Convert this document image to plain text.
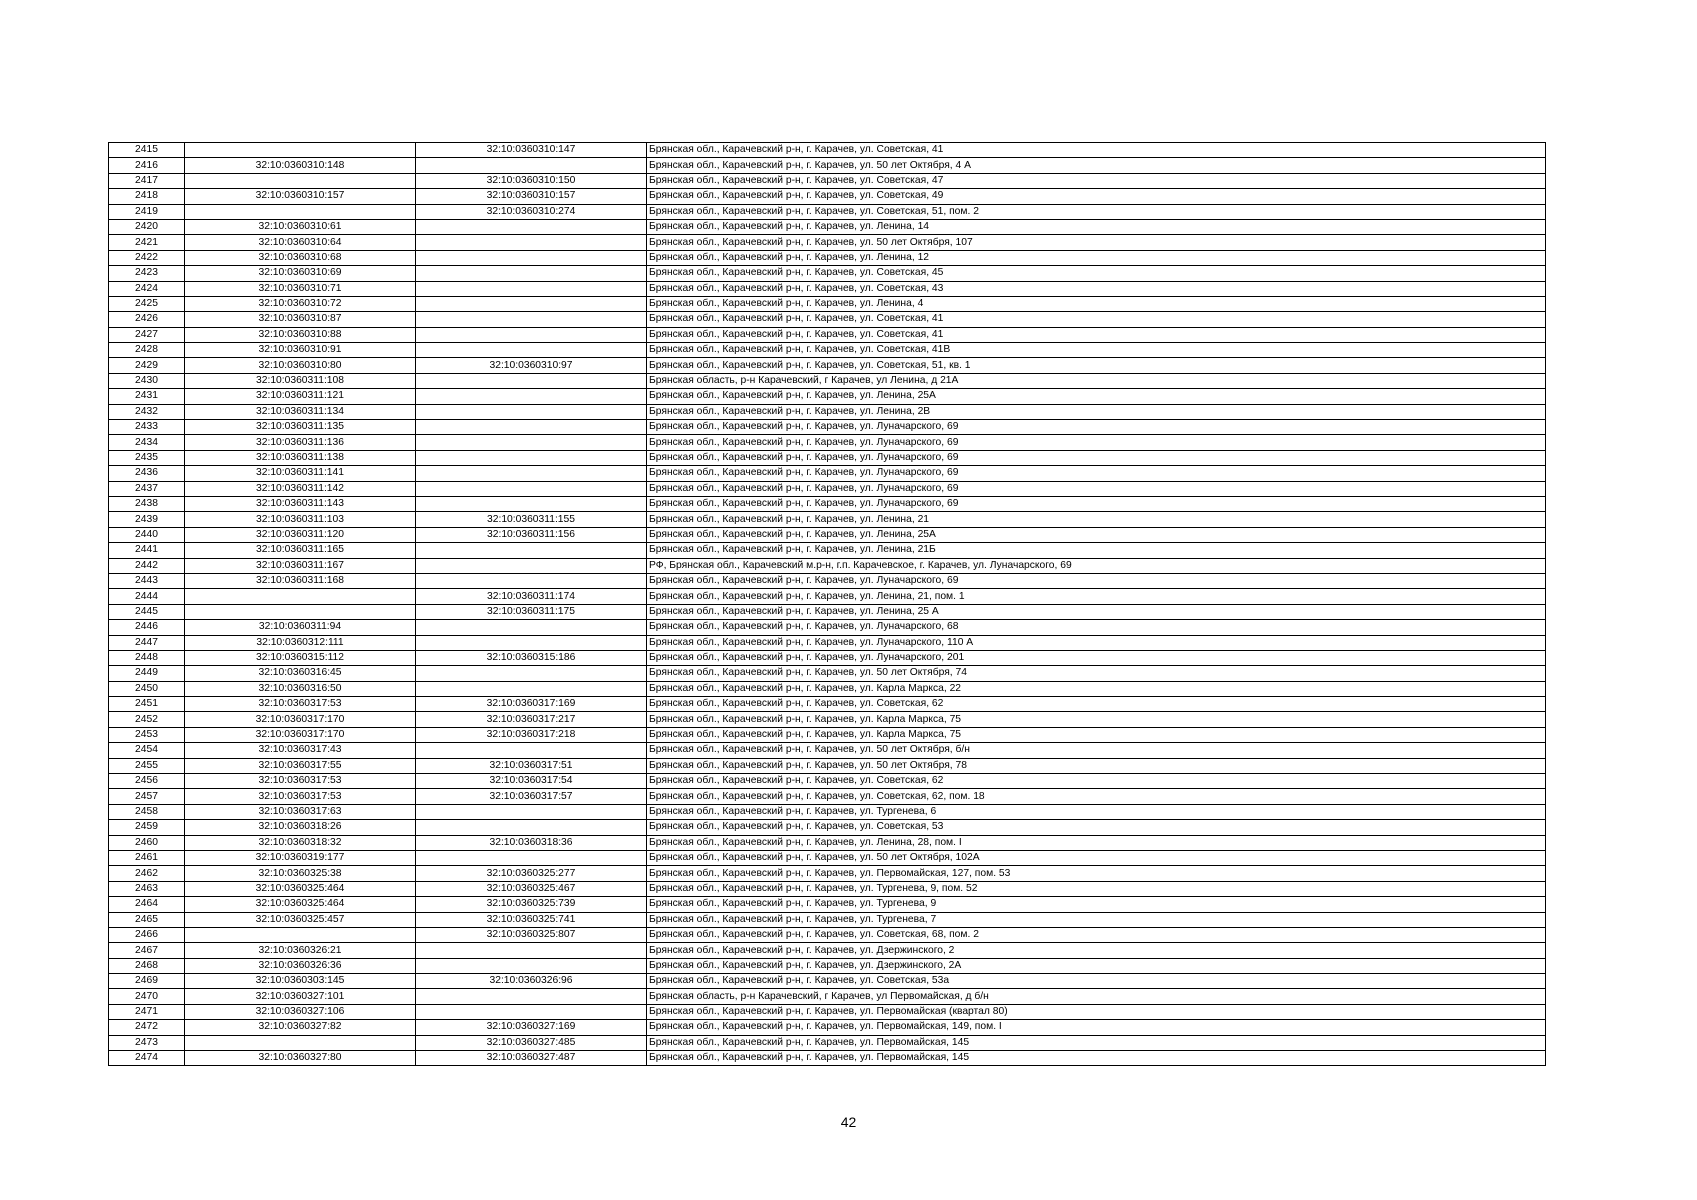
2415		32:10:0360310:147	Брянская обл., Карачевский р-н, г. Карачев, ул. Советская, 41
2416	32:10:0360310:148		Брянская обл., Карачевский р-н, г. Карачев, ул. 50 лет Октября, 4 А
2417		32:10:0360310:150	Брянская обл., Карачевский р-н, г. Карачев, ул. Советская, 47
2418	32:10:0360310:157	32:10:0360310:157	Брянская обл., Карачевский р-н, г. Карачев, ул. Советская, 49
2419		32:10:0360310:274	Брянская обл., Карачевский р-н, г. Карачев, ул. Советская, 51, пом. 2
2420	32:10:0360310:61		Брянская обл., Карачевский р-н, г. Карачев, ул. Ленина, 14
2421	32:10:0360310:64		Брянская обл., Карачевский р-н, г. Карачев, ул. 50 лет Октября, 107
2422	32:10:0360310:68		Брянская обл., Карачевский р-н, г. Карачев, ул. Ленина, 12
2423	32:10:0360310:69		Брянская обл., Карачевский р-н, г. Карачев, ул. Советская, 45
2424	32:10:0360310:71		Брянская обл., Карачевский р-н, г. Карачев, ул. Советская, 43
2425	32:10:0360310:72		Брянская обл., Карачевский р-н, г. Карачев, ул. Ленина, 4
2426	32:10:0360310:87		Брянская обл., Карачевский р-н, г. Карачев, ул. Советская, 41
2427	32:10:0360310:88		Брянская обл., Карачевский р-н, г. Карачев, ул. Советская, 41
2428	32:10:0360310:91		Брянская обл., Карачевский р-н, г. Карачев, ул. Советская, 41В
2429	32:10:0360310:80	32:10:0360310:97	Брянская обл., Карачевский р-н, г. Карачев, ул. Советская, 51, кв. 1
2430	32:10:0360311:108		Брянская область, р-н Карачевский, г Карачев, ул Ленина, д 21А
2431	32:10:0360311:121		Брянская обл., Карачевский р-н, г. Карачев, ул. Ленина, 25А
2432	32:10:0360311:134		Брянская обл., Карачевский р-н, г. Карачев, ул. Ленина, 2В
2433	32:10:0360311:135		Брянская обл., Карачевский р-н, г. Карачев, ул. Луначарского, 69
2434	32:10:0360311:136		Брянская обл., Карачевский р-н, г. Карачев, ул. Луначарского, 69
2435	32:10:0360311:138		Брянская обл., Карачевский р-н, г. Карачев, ул. Луначарского, 69
2436	32:10:0360311:141		Брянская обл., Карачевский р-н, г. Карачев, ул. Луначарского, 69
2437	32:10:0360311:142		Брянская обл., Карачевский р-н, г. Карачев, ул. Луначарского, 69
2438	32:10:0360311:143		Брянская обл., Карачевский р-н, г. Карачев, ул. Луначарского, 69
2439	32:10:0360311:103	32:10:0360311:155	Брянская обл., Карачевский р-н, г. Карачев, ул. Ленина, 21
2440	32:10:0360311:120	32:10:0360311:156	Брянская обл., Карачевский р-н, г. Карачев, ул. Ленина, 25А
2441	32:10:0360311:165		Брянская обл., Карачевский р-н, г. Карачев, ул. Ленина, 21Б
2442	32:10:0360311:167		РФ, Брянская обл., Карачевский м.р-н, г.п. Карачевское, г. Карачев, ул. Луначарского, 69
2443	32:10:0360311:168		Брянская обл., Карачевский р-н, г. Карачев, ул. Луначарского, 69
2444		32:10:0360311:174	Брянская обл., Карачевский р-н, г. Карачев, ул. Ленина, 21, пом. 1
2445		32:10:0360311:175	Брянская обл., Карачевский р-н, г. Карачев, ул. Ленина, 25 А
2446	32:10:0360311:94		Брянская обл., Карачевский р-н, г. Карачев, ул. Луначарского, 68
2447	32:10:0360312:111		Брянская обл., Карачевский р-н, г. Карачев, ул. Луначарского, 110 А
2448	32:10:0360315:112	32:10:0360315:186	Брянская обл., Карачевский р-н, г. Карачев, ул. Луначарского, 201
2449	32:10:0360316:45		Брянская обл., Карачевский р-н, г. Карачев, ул. 50 лет Октября, 74
2450	32:10:0360316:50		Брянская обл., Карачевский р-н, г. Карачев, ул. Карла Маркса, 22
2451	32:10:0360317:53	32:10:0360317:169	Брянская обл., Карачевский р-н, г. Карачев, ул. Советская, 62
2452	32:10:0360317:170	32:10:0360317:217	Брянская обл., Карачевский р-н, г. Карачев, ул. Карла Маркса, 75
2453	32:10:0360317:170	32:10:0360317:218	Брянская обл., Карачевский р-н, г. Карачев, ул. Карла Маркса, 75
2454	32:10:0360317:43		Брянская обл., Карачевский р-н, г. Карачев, ул. 50 лет Октября, б/н
2455	32:10:0360317:55	32:10:0360317:51	Брянская обл., Карачевский р-н, г. Карачев, ул. 50 лет Октября, 78
2456	32:10:0360317:53	32:10:0360317:54	Брянская обл., Карачевский р-н, г. Карачев, ул. Советская, 62
2457	32:10:0360317:53	32:10:0360317:57	Брянская обл., Карачевский р-н, г. Карачев, ул. Советская, 62, пом. 18
2458	32:10:0360317:63		Брянская обл., Карачевский р-н, г. Карачев, ул. Тургенева, 6
2459	32:10:0360318:26		Брянская обл., Карачевский р-н, г. Карачев, ул. Советская, 53
2460	32:10:0360318:32	32:10:0360318:36	Брянская обл., Карачевский р-н, г. Карачев, ул. Ленина, 28, пом. I
2461	32:10:0360319:177		Брянская обл., Карачевский р-н, г. Карачев, ул. 50 лет Октября, 102А
2462	32:10:0360325:38	32:10:0360325:277	Брянская обл., Карачевский р-н, г. Карачев, ул. Первомайская, 127, пом. 53
2463	32:10:0360325:464	32:10:0360325:467	Брянская обл., Карачевский р-н, г. Карачев, ул. Тургенева, 9, пом. 52
2464	32:10:0360325:464	32:10:0360325:739	Брянская обл., Карачевский р-н, г. Карачев, ул. Тургенева, 9
2465	32:10:0360325:457	32:10:0360325:741	Брянская обл., Карачевский р-н, г. Карачев, ул. Тургенева, 7
2466		32:10:0360325:807	Брянская обл., Карачевский р-н, г. Карачев, ул. Советская, 68, пом. 2
2467	32:10:0360326:21		Брянская обл., Карачевский р-н, г. Карачев, ул. Дзержинского, 2
2468	32:10:0360326:36		Брянская обл., Карачевский р-н, г. Карачев, ул. Дзержинского, 2А
2469	32:10:0360303:145	32:10:0360326:96	Брянская обл., Карачевский р-н, г. Карачев, ул. Советская, 53а
2470	32:10:0360327:101		Брянская область, р-н Карачевский, г Карачев, ул Первомайская, д б/н
2471	32:10:0360327:106		Брянская обл., Карачевский р-н, г. Карачев, ул. Первомайская (квартал 80)
2472	32:10:0360327:82	32:10:0360327:169	Брянская обл., Карачевский р-н, г. Карачев, ул. Первомайская, 149, пом. I
2473		32:10:0360327:485	Брянская обл., Карачевский р-н, г. Карачев, ул. Первомайская, 145
2474	32:10:0360327:80	32:10:0360327:487	Брянская обл., Карачевский р-н, г. Карачев, ул. Первомайская, 145
42
